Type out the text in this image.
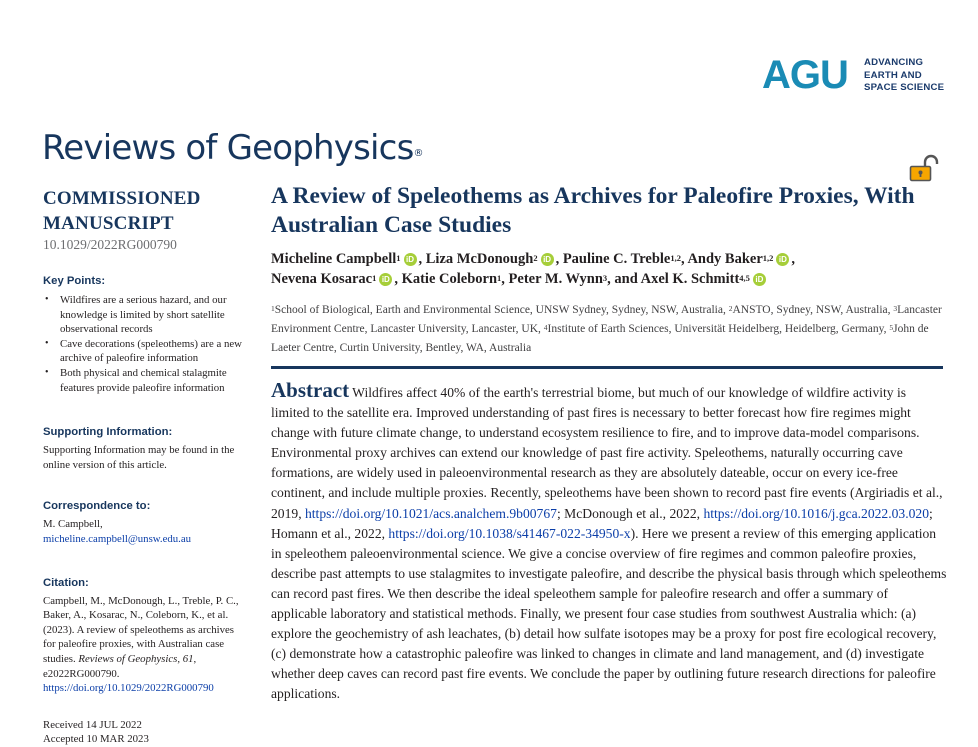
AGU ADVANCING
EARTH AND
SPACE SCIENCE
Reviews of Geophysics®
COMMISSIONED MANUSCRIPT
10.1029/2022RG000790
Key Points:
• Wildfires are a serious hazard, and our knowledge is limited by short satellite observational records
• Cave decorations (speleothems) are a new archive of paleofire information
• Both physical and chemical stalagmite features provide paleofire information
Supporting Information:
Supporting Information may be found in the online version of this article.
Correspondence to:
M. Campbell,
micheline.campbell@unsw.edu.au
Citation:
Campbell, M., McDonough, L., Treble, P. C., Baker, A., Kosarac, N., Coleborn, K., et al. (2023). A review of speleothems as archives for paleofire proxies, with Australian case studies. Reviews of Geophysics, 61, e2022RG000790. https://doi.org/10.1029/2022RG000790
Received 14 JUL 2022
Accepted 10 MAR 2023
A Review of Speleothems as Archives for Paleofire Proxies, With Australian Case Studies
Micheline Campbell$^1$ iD , Liza McDonough$^2$ iD , Pauline C. Treble$^{1,2}$, Andy Baker$^{1,2}$ iD ,
Nevena Kosarac$^1$ iD , Katie Coleborn$^1$, Peter M. Wynn$^3$, and Axel K. Schmitt$^{4,5}$ iD
$^1$School of Biological, Earth and Environmental Science, UNSW Sydney, Sydney, NSW, Australia, $^2$ANSTO, Sydney, NSW, Australia, $^3$Lancaster Environment Centre, Lancaster University, Lancaster, UK, $^4$Institute of Earth Sciences, Universität Heidelberg, Heidelberg, Germany, $^5$John de Laeter Centre, Curtin University, Bentley, WA, Australia
Abstract Wildfires affect 40% of the earth's terrestrial biome, but much of our knowledge of wildfire activity is limited to the satellite era. Improved understanding of past fires is necessary to better forecast how fire regimes might change with future climate change, to understand ecosystem resilience to fire, and to improve data-model comparisons. Environmental proxy archives can extend our knowledge of past fire activity. Speleothems, naturally occurring cave formations, are widely used in paleoenvironmental research as they are absolutely dateable, occur on every ice-free continent, and include multiple proxies. Recently, speleothems have been shown to record past fire events (Argiriadis et al., 2019, https://doi.org/10.1021/acs.analchem.9b00767; McDonough et al., 2022, https://doi.org/10.1016/j.gca.2022.03.020; Homann et al., 2022, https://doi.org/10.1038/s41467-022-34950-x). Here we present a review of this emerging application in speleothem paleoenvironmental science. We give a concise overview of fire regimes and common paleofire proxies, describe past attempts to use stalagmites to investigate paleofire, and describe the physical basis through which speleothems can record past fires. We then describe the ideal speleothem sample for paleofire research and offer a summary of applicable laboratory and statistical methods. Finally, we present four case studies from southwest Australia which: (a) explore the geochemistry of ash leachates, (b) detail how sulfate isotopes may be a proxy for post fire ecological recovery, (c) demonstrate how a catastrophic paleofire was linked to changes in climate and land management, and (d) investigate whether deep caves can record past fire events. We conclude the paper by outlining future research directions for paleofire applications.
